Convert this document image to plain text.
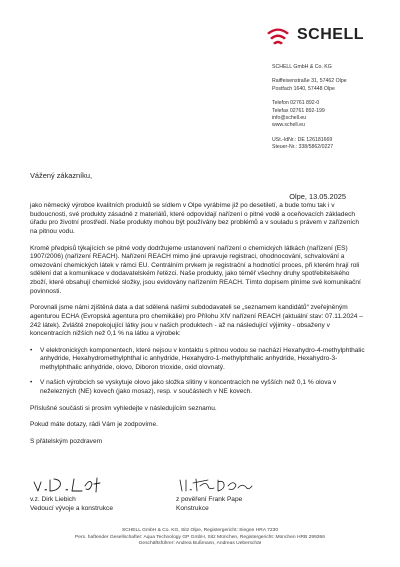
SCHELL
SCHELL GmbH & Co. KG
Raiffeisenstraße 31, 57462 Olpe
Postfach 1640, 57448 Olpe
Telefon 02761 892-0
Telefax 02761 892-199
info@schell.eu
www.schell.eu
USt.-IdNr.: DE 126181669
Steuer-Nr.: 338/5862/0227
Vážený zákazníku,
Olpe, 13.05.2025

jako německý výrobce kvalitních produktů se sídlem v Olpe vyrábíme již po desetiletí, a bude tomu tak i v budoucnosti, své produkty zásadně z materiálů, které odpovídají nařízení o pitné vodě a oceňovacích základech úřadu pro životní prostředí. Naše produkty mohou být používány bez problémů a v souladu s právem v zařízeních na pitnou vodu.

Kromě předpisů týkajících se pitné vody dodržujeme ustanovení nařízení o chemických látkách (nařízení (ES) 1907/2006) (nařízení REACH). Nařízení REACH mimo jiné upravuje registraci, ohodnocování, schvalování a omezování chemických látek v rámci EU. Centrálním prvkem je registrační a hodnotící proces, při kterém hrají roli sdělení dat a komunikace v dodavatelském řetězci. Naše produkty, jako téměř všechny druhy spotřebitelského zboží, které obsahují chemické složky, jsou evidovány nařízením REACH. Tímto dopisem plníme své komunikační povinnosti.

Porovnali jsme námi zjištěná data a dat sdělená našimi subdodavateli se „seznamem kandidátů“ zveřejněným agenturou ECHA (Evropská agentura pro chemikálie) pro Přílohu XIV nařízení REACH (aktuální stav: 07.11.2024 – 242 látek). Zvláště znepokojující látky jsou v našich produktech - až na následující výjimky - obsaženy v koncentracích nižších než 0,1 % na látku a výrobek:

• V elektronických komponentech, které nejsou v kontaktu s pitnou vodou se nachází Hexahydro-4-methylphthalic anhydride, Hexahydromethylphthal ic anhydride, Hexahydro-1-methylphthalic anhydride, Hexahydro-3-methylphthalic anhydride, olovo, Diboron trioxide, oxid olovnatý.
• V našich výrobcích se vyskytuje olovo jako složka slitiny v koncentracích ne vyšších než 0,1 % olova v neželezných (NE) kovech (jako mosaz), resp. v součástech v NE kovech.

Příslušné součásti si prosím vyhledejte v následujícím seznamu.

Pokud máte dotazy, rádi Vám je zodpovíme.

S přátelským pozdravem

v.z. Dirk Liebich
Vedoucí vývoje a konstrukce
z pověření Frank Pape
Konstrukce
SCHELL GmbH & Co. KG, Sitz Olpe, Registergericht: Siegen HRA 7230
Pers. haftender Gesellschafter: Aqua Technology GP GmbH, Sitz München, Registergericht: München HRB 299366
Geschäftsführer: Andrea Bußmann, Andreas Ueberschär
